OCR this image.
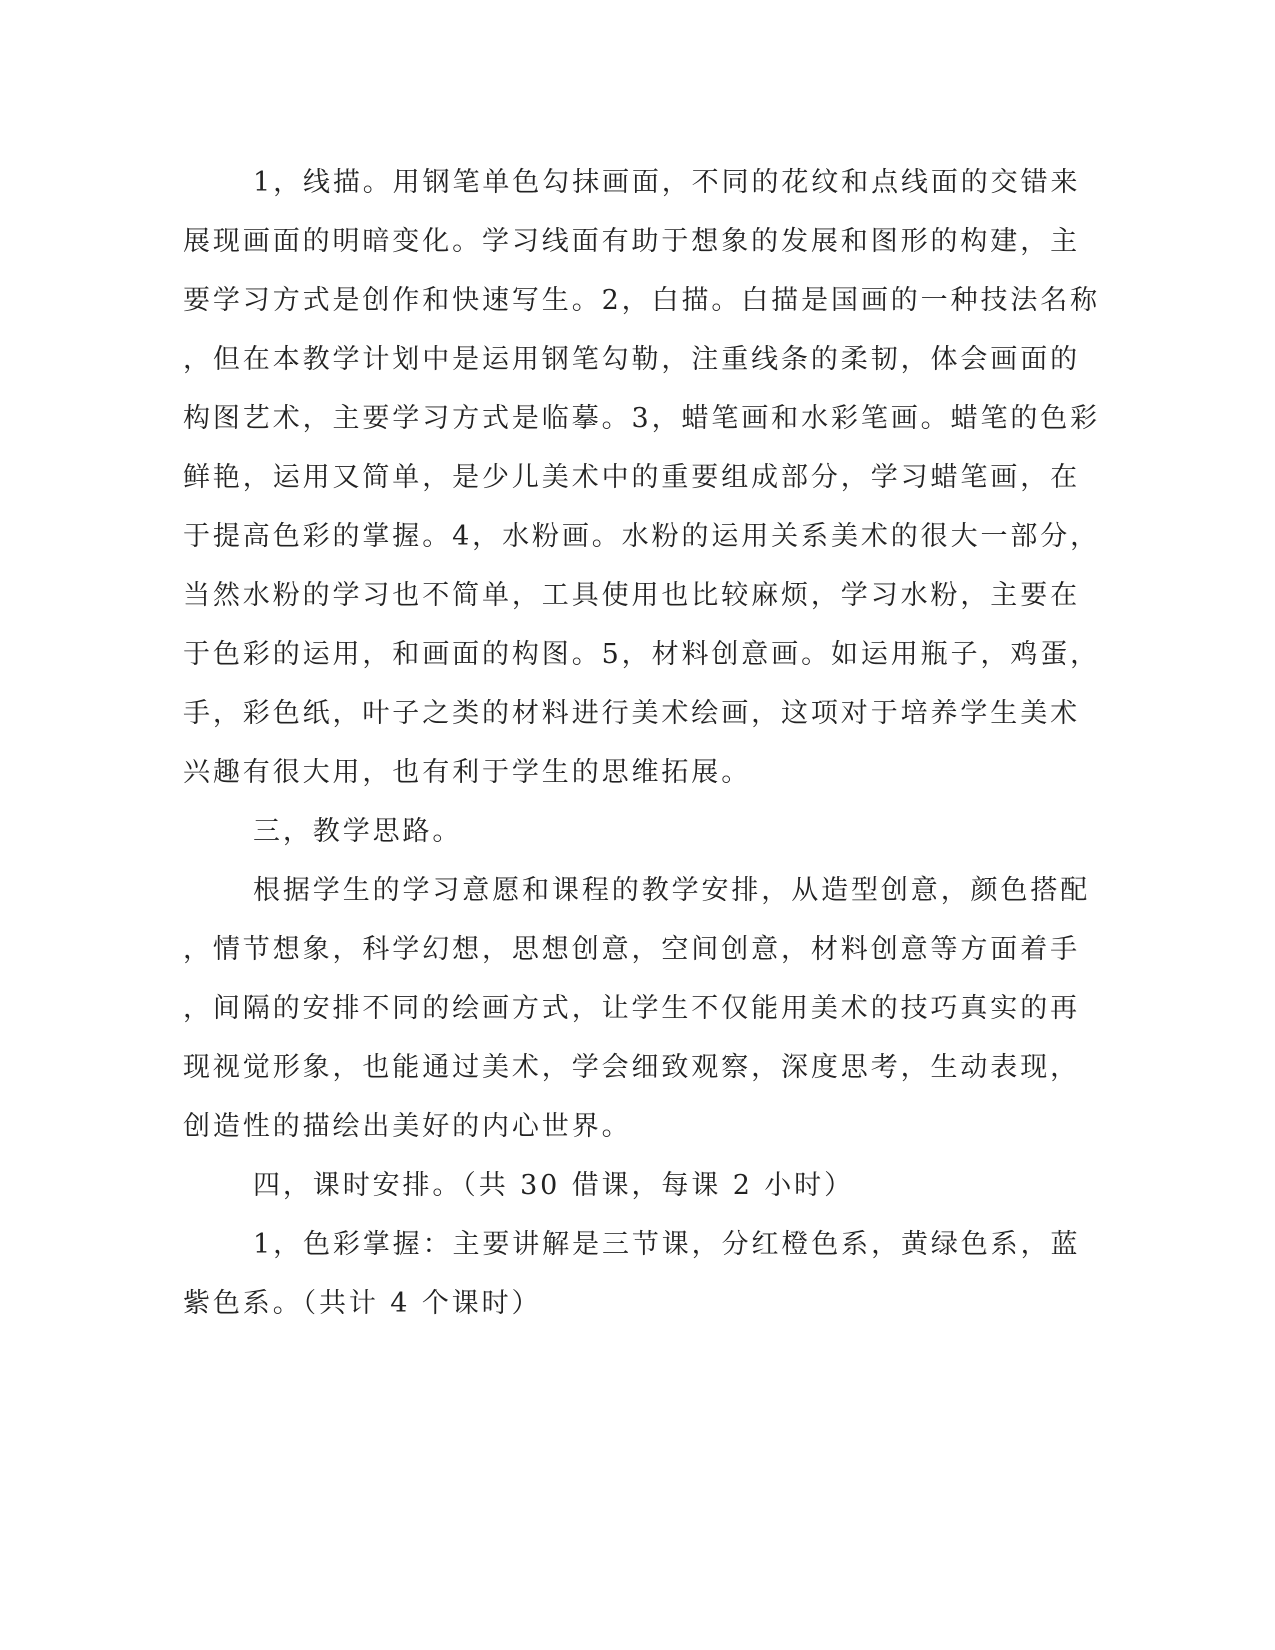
1，线描。用钢笔单色勾抹画面，不同的花纹和点线面的交错来
展现画面的明暗变化。学习线面有助于想象的发展和图形的构建，主
要学习方式是创作和快速写生。2，白描。白描是国画的一种技法名称
，但在本教学计划中是运用钢笔勾勒，注重线条的柔韧，体会画面的
构图艺术，主要学习方式是临摹。3，蜡笔画和水彩笔画。蜡笔的色彩
鲜艳，运用又简单，是少儿美术中的重要组成部分，学习蜡笔画，在
于提高色彩的掌握。4，水粉画。水粉的运用关系美术的很大一部分，
当然水粉的学习也不简单，工具使用也比较麻烦，学习水粉，主要在
于色彩的运用，和画面的构图。5，材料创意画。如运用瓶子，鸡蛋，
手，彩色纸，叶子之类的材料进行美术绘画，这项对于培养学生美术
兴趣有很大用，也有利于学生的思维拓展。
三，教学思路。
根据学生的学习意愿和课程的教学安排，从造型创意，颜色搭配
，情节想象，科学幻想，思想创意，空间创意，材料创意等方面着手
，间隔的安排不同的绘画方式，让学生不仅能用美术的技巧真实的再
现视觉形象，也能通过美术，学会细致观察，深度思考，生动表现，
创造性的描绘出美好的内心世界。
四，课时安排。（共 30 借课，每课 2 小时）
1，色彩掌握：主要讲解是三节课，分红橙色系，黄绿色系，蓝
紫色系。（共计 4 个课时）
